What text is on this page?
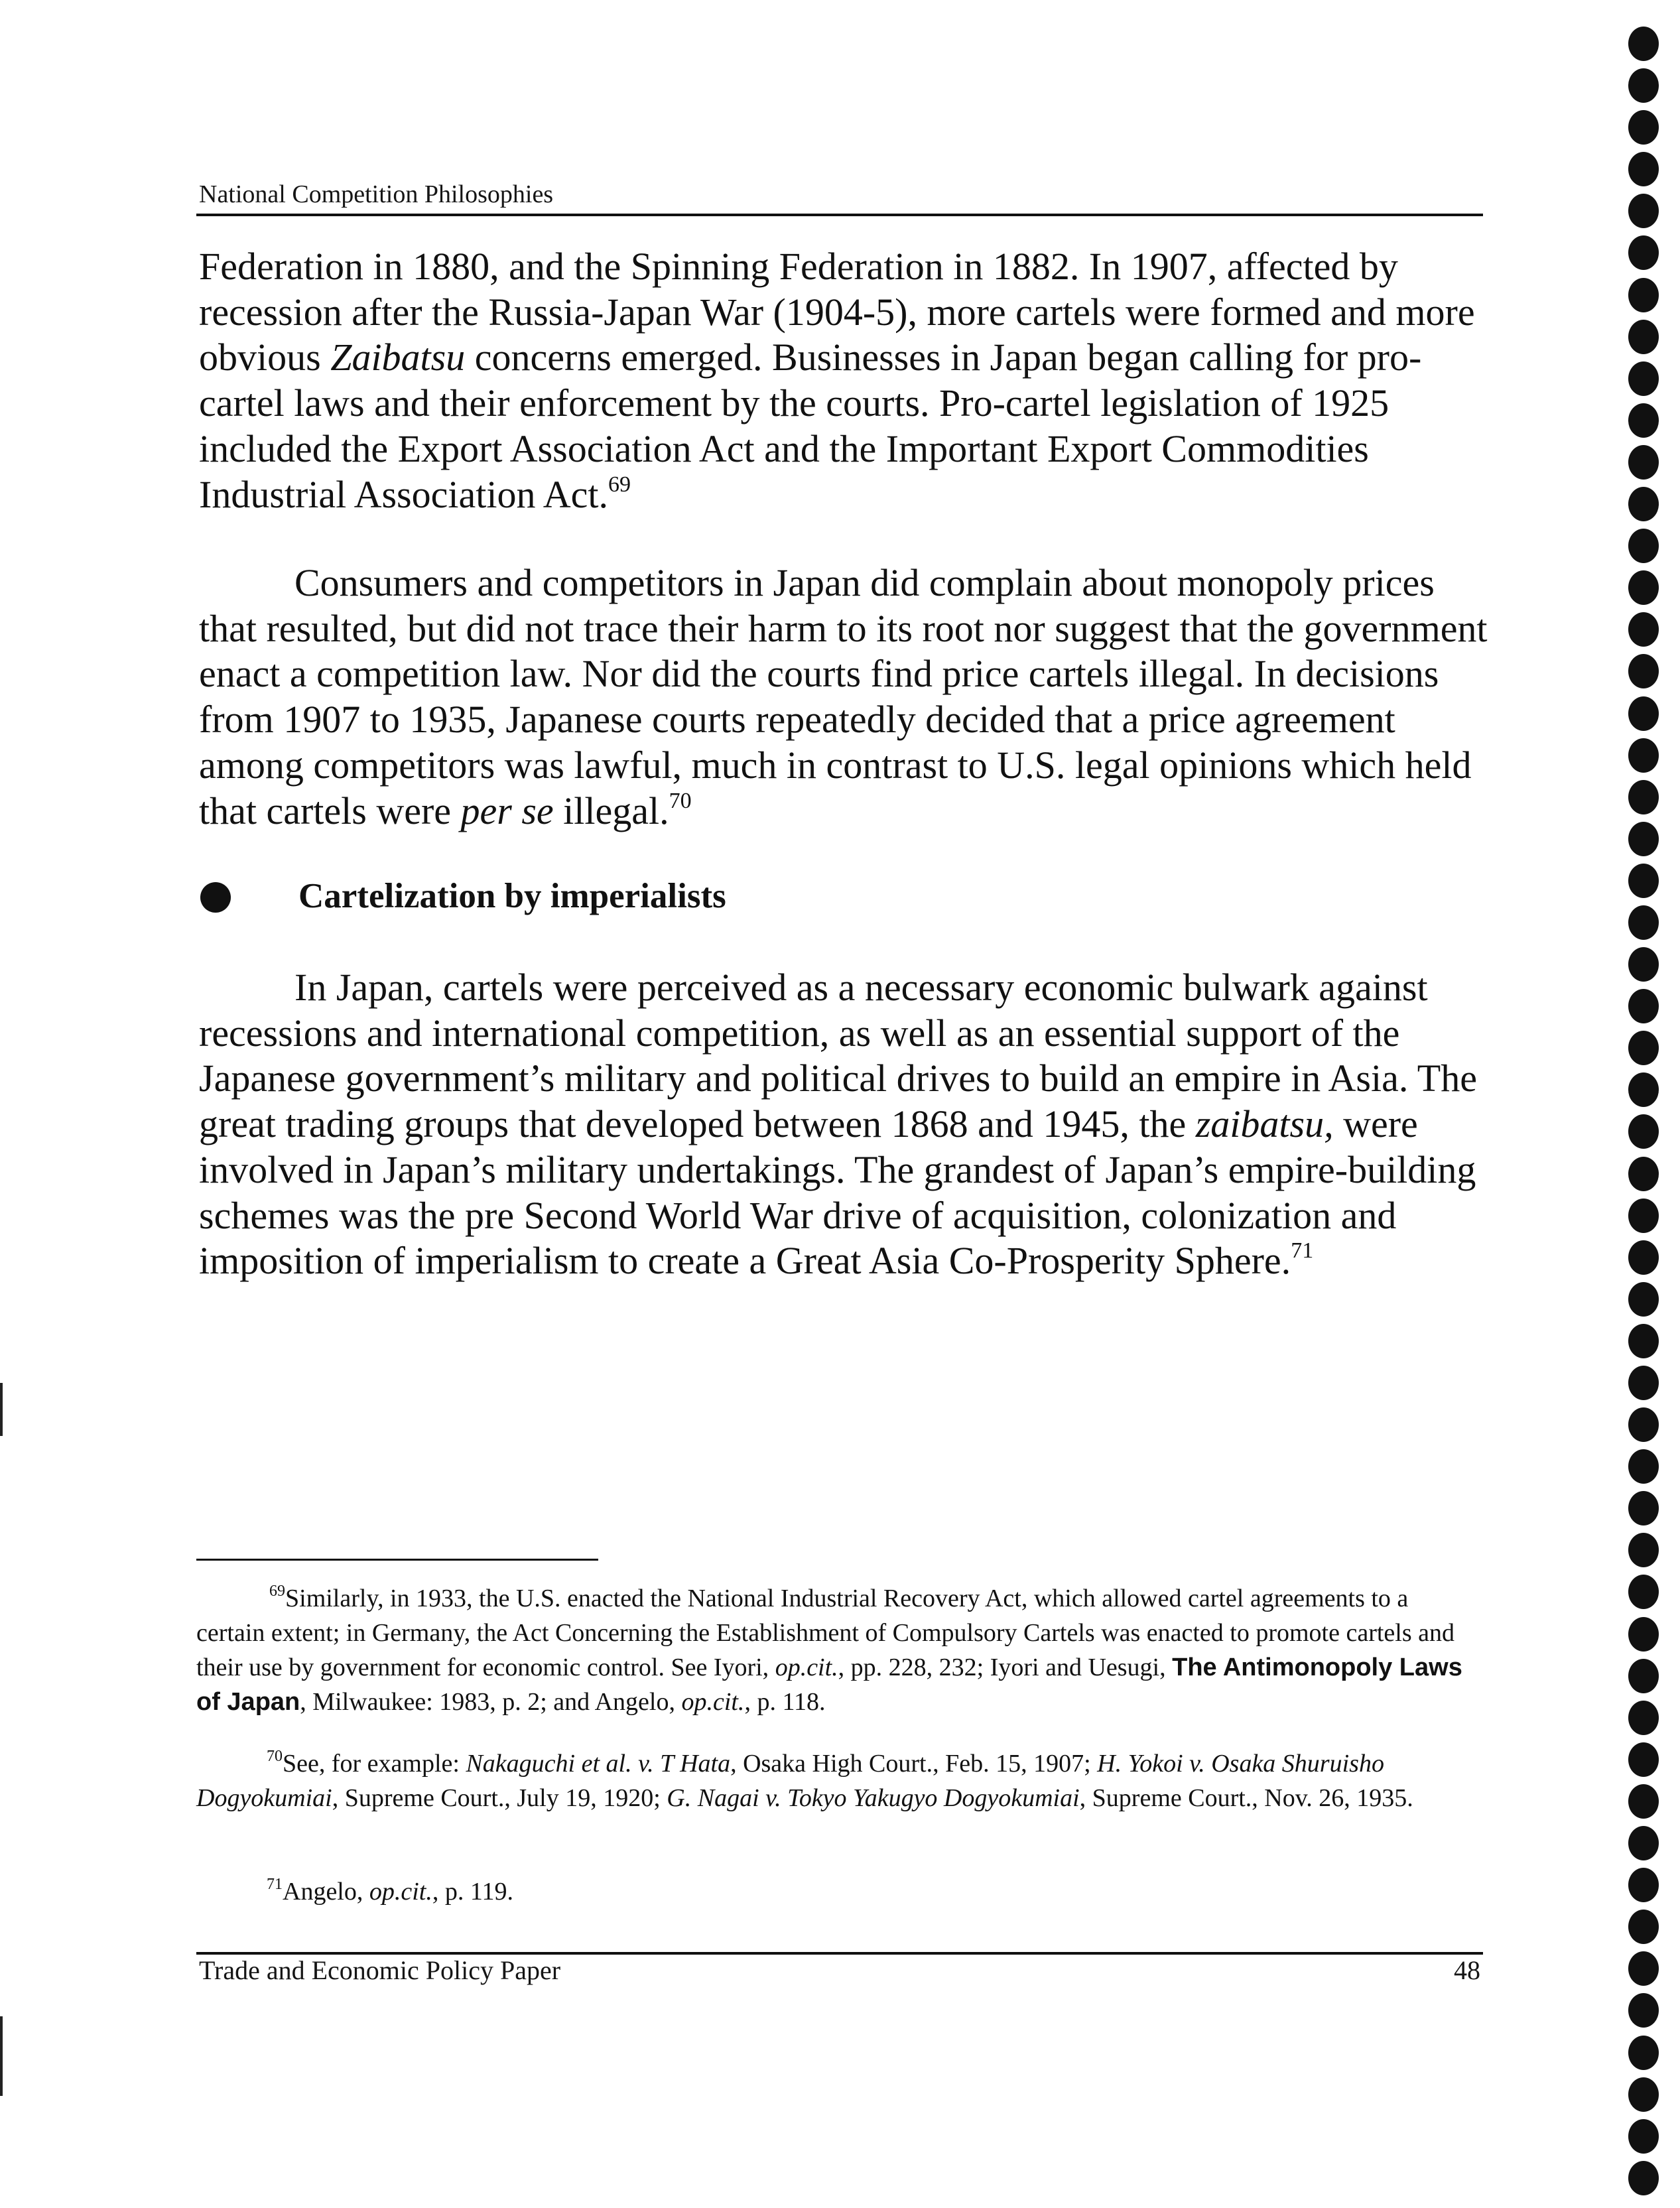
National Competition Philosophies

Federation in 1880, and the Spinning Federation in 1882. In 1907, affected by recession after the Russia-Japan War (1904-5), more cartels were formed and more obvious Zaibatsu concerns emerged. Businesses in Japan began calling for pro-cartel laws and their enforcement by the courts. Pro-cartel legislation of 1925 included the Export Association Act and the Important Export Commodities Industrial Association Act.$^{69}$

Consumers and competitors in Japan did complain about monopoly prices that resulted, but did not trace their harm to its root nor suggest that the government enact a competition law. Nor did the courts find price cartels illegal. In decisions from 1907 to 1935, Japanese courts repeatedly decided that a price agreement among competitors was lawful, much in contrast to U.S. legal opinions which held that cartels were per se illegal.$^{70}$

Cartelization by imperialists

In Japan, cartels were perceived as a necessary economic bulwark against recessions and international competition, as well as an essential support of the Japanese government’s military and political drives to build an empire in Asia. The great trading groups that developed between 1868 and 1945, the zaibatsu, were involved in Japan’s military undertakings. The grandest of Japan’s empire-building schemes was the pre Second World War drive of acquisition, colonization and imposition of imperialism to create a Great Asia Co-Prosperity Sphere.$^{71}$

$^{69}$Similarly, in 1933, the U.S. enacted the National Industrial Recovery Act, which allowed cartel agreements to a certain extent; in Germany, the Act Concerning the Establishment of Compulsory Cartels was enacted to promote cartels and their use by government for economic control. See Iyori, op.cit., pp. 228, 232; Iyori and Uesugi, The Antimonopoly Laws of Japan, Milwaukee: 1983, p. 2; and Angelo, op.cit., p. 118.

$^{70}$See, for example: Nakaguchi et al. v. T Hata, Osaka High Court., Feb. 15, 1907; H. Yokoi v. Osaka Shuruisho Dogyokumiai, Supreme Court., July 19, 1920; G. Nagai v. Tokyo Yakugyo Dogyokumiai, Supreme Court., Nov. 26, 1935.

$^{71}$Angelo, op.cit., p. 119.

Trade and Economic Policy Paper	48
